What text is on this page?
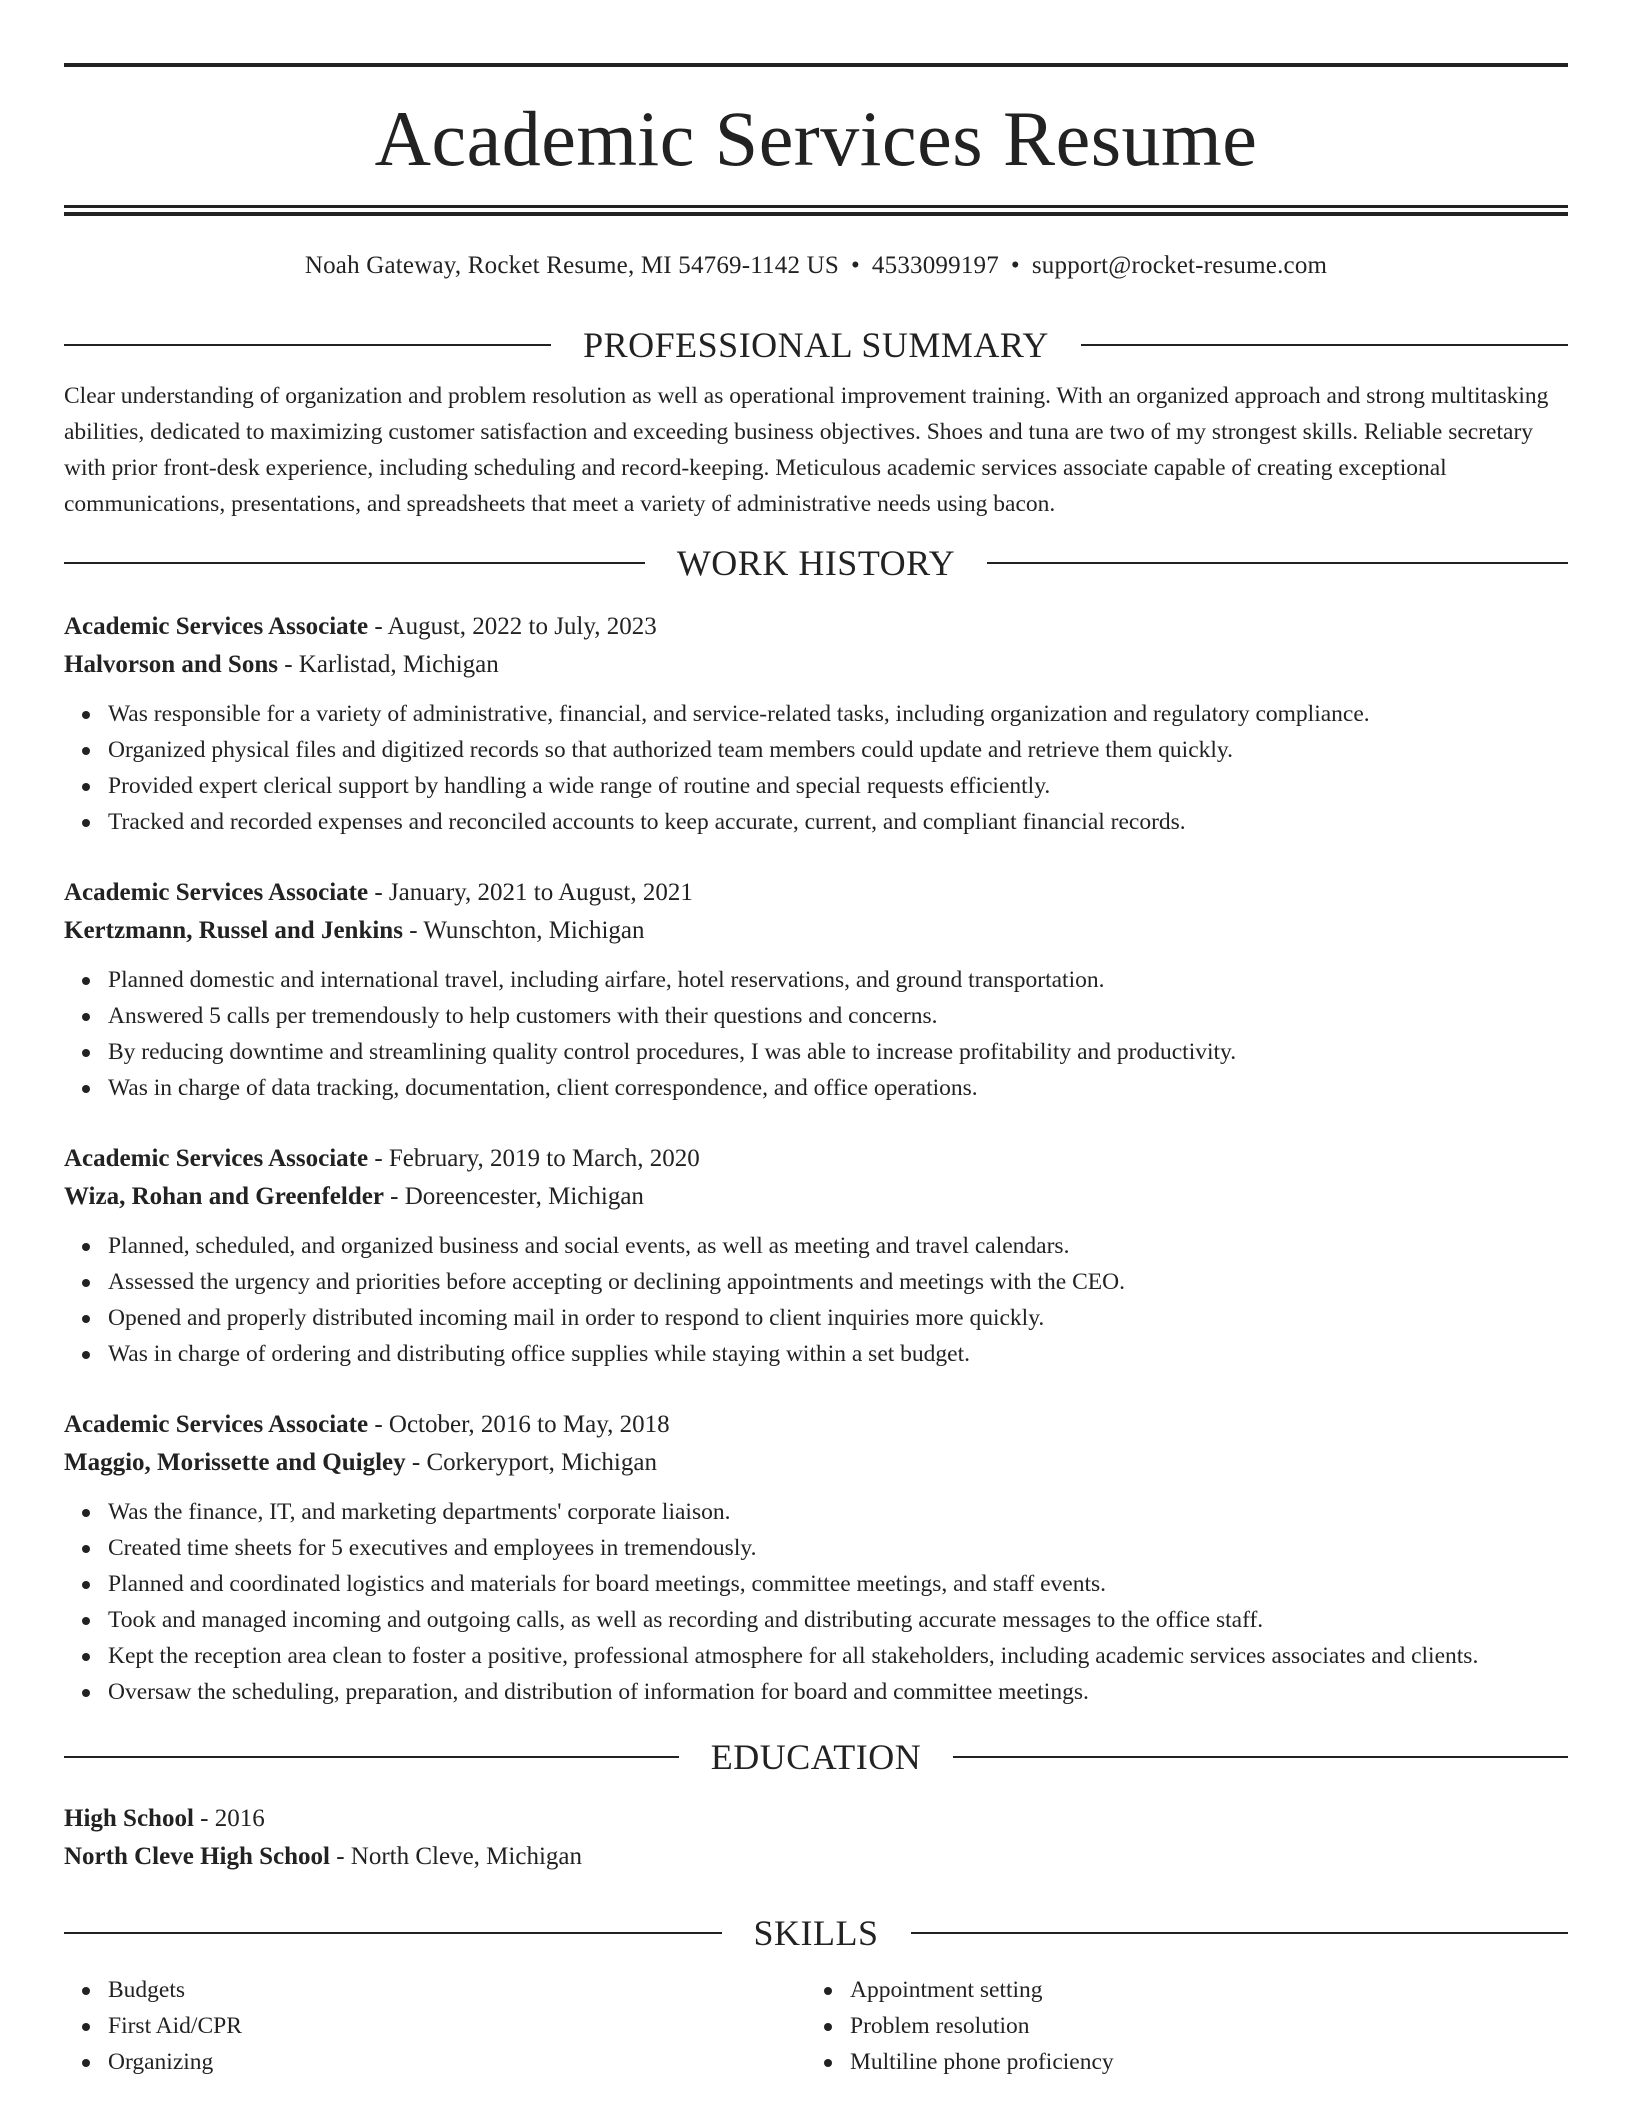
Academic Services Resume
Noah Gateway, Rocket Resume, MI 54769-1142 US • 4533099197 • support@rocket-resume.com
PROFESSIONAL SUMMARY
Clear understanding of organization and problem resolution as well as operational improvement training. With an organized approach and strong multitasking abilities, dedicated to maximizing customer satisfaction and exceeding business objectives. Shoes and tuna are two of my strongest skills. Reliable secretary with prior front-desk experience, including scheduling and record-keeping. Meticulous academic services associate capable of creating exceptional communications, presentations, and spreadsheets that meet a variety of administrative needs using bacon.
WORK HISTORY
Academic Services Associate - August, 2022 to July, 2023
Halvorson and Sons - Karlistad, Michigan
Was responsible for a variety of administrative, financial, and service-related tasks, including organization and regulatory compliance.
Organized physical files and digitized records so that authorized team members could update and retrieve them quickly.
Provided expert clerical support by handling a wide range of routine and special requests efficiently.
Tracked and recorded expenses and reconciled accounts to keep accurate, current, and compliant financial records.
Academic Services Associate - January, 2021 to August, 2021
Kertzmann, Russel and Jenkins - Wunschton, Michigan
Planned domestic and international travel, including airfare, hotel reservations, and ground transportation.
Answered 5 calls per tremendously to help customers with their questions and concerns.
By reducing downtime and streamlining quality control procedures, I was able to increase profitability and productivity.
Was in charge of data tracking, documentation, client correspondence, and office operations.
Academic Services Associate - February, 2019 to March, 2020
Wiza, Rohan and Greenfelder - Doreencester, Michigan
Planned, scheduled, and organized business and social events, as well as meeting and travel calendars.
Assessed the urgency and priorities before accepting or declining appointments and meetings with the CEO.
Opened and properly distributed incoming mail in order to respond to client inquiries more quickly.
Was in charge of ordering and distributing office supplies while staying within a set budget.
Academic Services Associate - October, 2016 to May, 2018
Maggio, Morissette and Quigley - Corkeryport, Michigan
Was the finance, IT, and marketing departments' corporate liaison.
Created time sheets for 5 executives and employees in tremendously.
Planned and coordinated logistics and materials for board meetings, committee meetings, and staff events.
Took and managed incoming and outgoing calls, as well as recording and distributing accurate messages to the office staff.
Kept the reception area clean to foster a positive, professional atmosphere for all stakeholders, including academic services associates and clients.
Oversaw the scheduling, preparation, and distribution of information for board and committee meetings.
EDUCATION
High School - 2016
North Cleve High School - North Cleve, Michigan
SKILLS
Budgets
First Aid/CPR
Organizing
Appointment setting
Problem resolution
Multiline phone proficiency
